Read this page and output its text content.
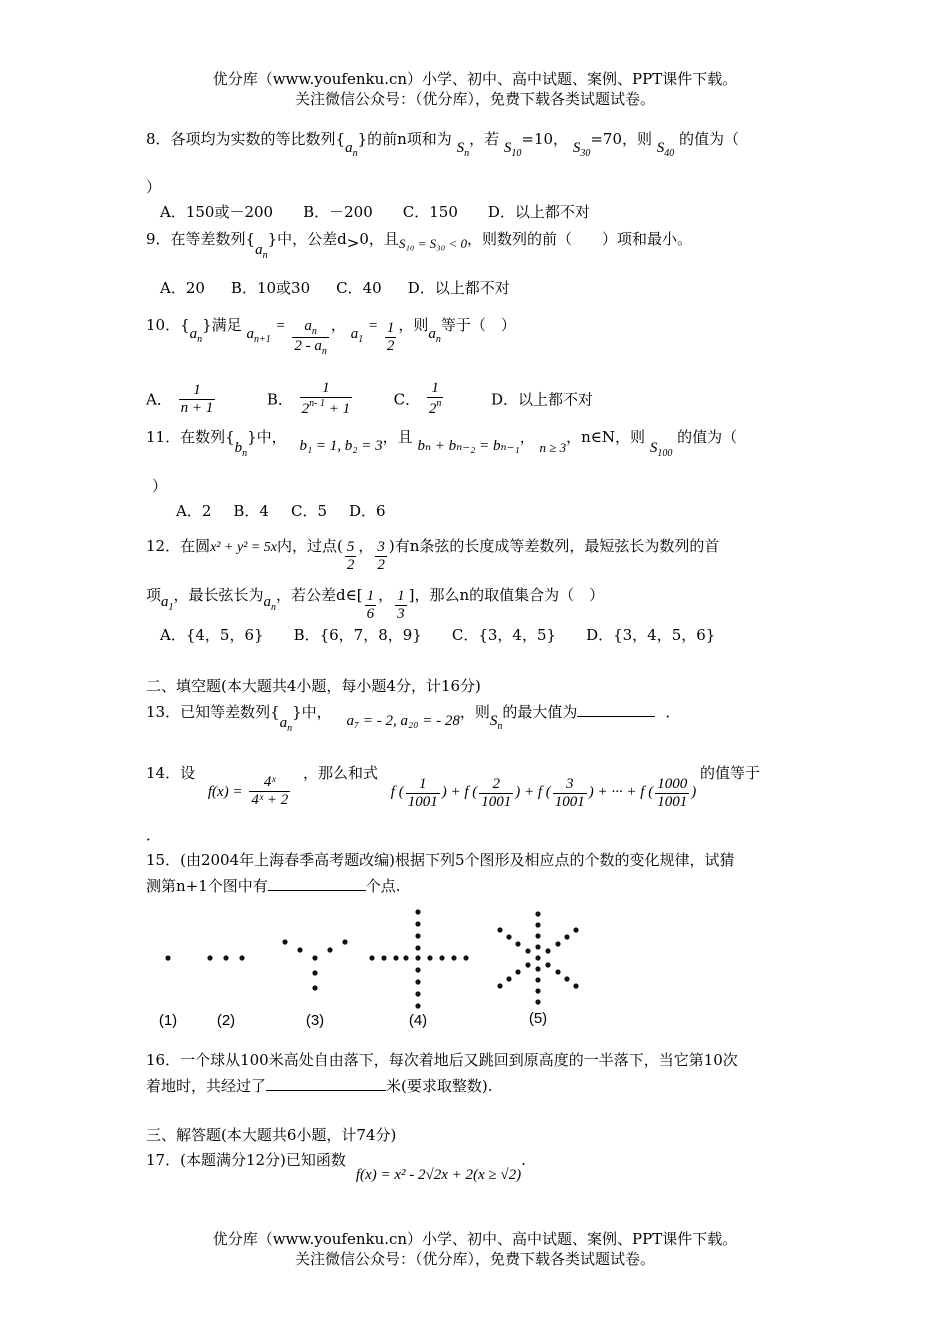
优分库（www.youfenku.cn）小学、初中、高中试题、案例、PPT课件下载。
关注微信公众号：（优分库），免费下载各类试题试卷。
8．各项均为实数的等比数列$\{a_n\}$的前n项和为 $S_n$，若 $S_{10}=10$， $S_{30}=70$，则 $S_{40}$ 的值为（
）
A．150或－200 B．－200 C．150 D．以上都不对
9．在等差数列$\{a_n\}$中，公差d>0，且S₁₀ = S₃₀ < 0，则数列的前（　　）项和最小。
A．20 B．10或30 C．40 D．以上都不对
10．$\{a_n\}$满足 $a_{n+1} = \frac{a_n}{2 - a_n}$ ， $a_1 = \frac{1}{2}$ ，则$a_n$等于（　）
A． $\frac{1}{n + 1}$	B． $\frac{1}{2^{n- 1} + 1}$	C． $\frac{1}{2^n}$	D．以上都不对
11．在数列$\{b_n\}$中， b₁ = 1, b₂ = 3，且 bₙ + bₙ₋₂ = bₙ₋₁， n ≥ 3，n∈N，则 $S_{100}$ 的值为（
）
A．2 B．4 C．5 D．6
12．在圆x² + y² = 5x内，过点( $\frac{5}{2}$ ， $\frac{3}{2}$ )有n条弦的长度成等差数列，最短弦长为数列的首
项$a_1$，最长弦长为$a_n$，若公差d∈[ $\frac{1}{6}$ ， $\frac{1}{3}$ ]，那么n的取值集合为（　）
A．{4，5，6} B．{6，7，8，9} C．{3，4，5} D．{3，4，5，6}
二、填空题(本大题共4小题，每小题4分，计16分)
13．已知等差数列$\{a_n\}$中， a₇ = - 2, a₂₀ = - 28，则$S_n$的最大值为	．
14．设 $f(x) = \frac{\text{4ˣ}}{\text{4ˣ + 2}}$
，那么和式 f ( $\frac{1}{1001}$ ) + f ( $\frac{2}{1001}$ ) + f ( $\frac{3}{1001}$ ) + ··· + f ( $\frac{1000}{1001}$ ) 的值等于
．
15．(由2004年上海春季高考题改编)根据下列5个图形及相应点的个数的变化规律，试猜
测第n+1个图中有	个点.
(1)	(2)	(3)	(4)	(5)
16．一个球从100米高处自由落下，每次着地后又跳回到原高度的一半落下，当它第10次
着地时，共经过了	米(要求取整数).
三、解答题(本大题共6小题，计74分)
17．(本题满分12分)已知函数f(x) = x² - 2√2x + 2(x ≥ √2).
优分库（www.youfenku.cn）小学、初中、高中试题、案例、PPT课件下载。
关注微信公众号：（优分库），免费下载各类试题试卷。
